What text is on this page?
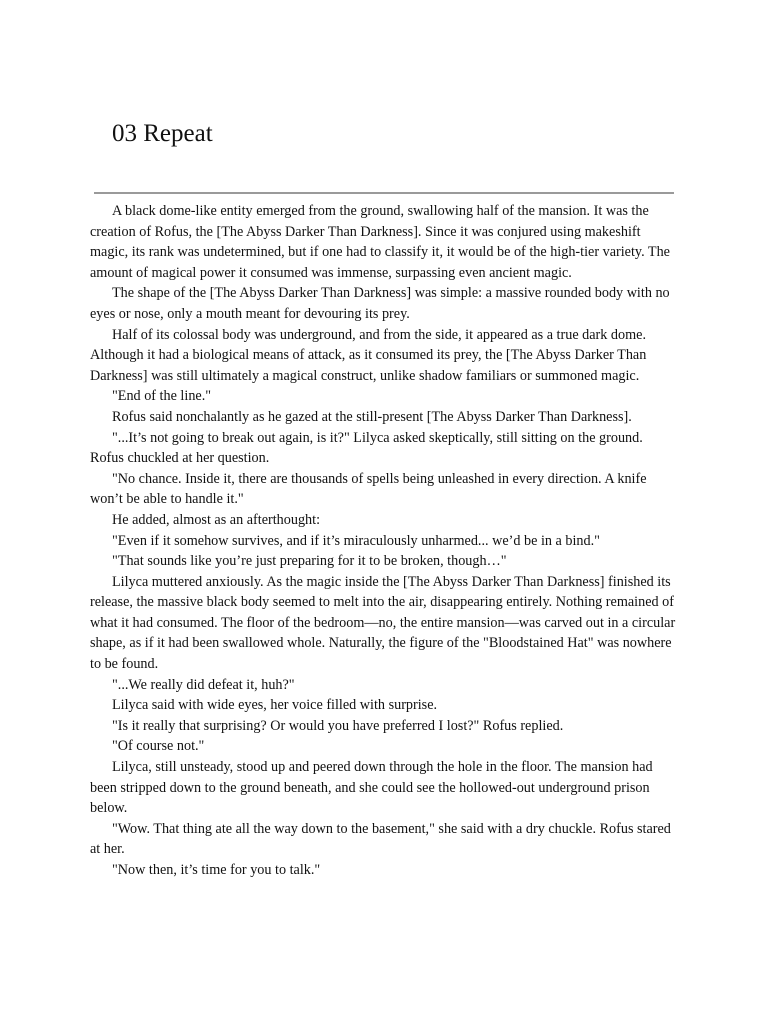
03 Repeat

A black dome-like entity emerged from the ground, swallowing half of the mansion. It was the creation of Rofus, the [The Abyss Darker Than Darkness]. Since it was conjured using makeshift magic, its rank was undetermined, but if one had to classify it, it would be of the high-tier variety. The amount of magical power it consumed was immense, surpassing even ancient magic.

The shape of the [The Abyss Darker Than Darkness] was simple: a massive rounded body with no eyes or nose, only a mouth meant for devouring its prey.

Half of its colossal body was underground, and from the side, it appeared as a true dark dome. Although it had a biological means of attack, as it consumed its prey, the [The Abyss Darker Than Darkness] was still ultimately a magical construct, unlike shadow familiars or summoned magic.

"End of the line."

Rofus said nonchalantly as he gazed at the still-present [The Abyss Darker Than Darkness].

"...It’s not going to break out again, is it?" Lilyca asked skeptically, still sitting on the ground. Rofus chuckled at her question.

"No chance. Inside it, there are thousands of spells being unleashed in every direction. A knife won’t be able to handle it."

He added, almost as an afterthought:

"Even if it somehow survives, and if it’s miraculously unharmed... we’d be in a bind."

"That sounds like you’re just preparing for it to be broken, though…"

Lilyca muttered anxiously. As the magic inside the [The Abyss Darker Than Darkness] finished its release, the massive black body seemed to melt into the air, disappearing entirely. Nothing remained of what it had consumed. The floor of the bedroom—no, the entire mansion—was carved out in a circular shape, as if it had been swallowed whole. Naturally, the figure of the "Bloodstained Hat" was nowhere to be found.

"...We really did defeat it, huh?"

Lilyca said with wide eyes, her voice filled with surprise.

"Is it really that surprising? Or would you have preferred I lost?" Rofus replied.

"Of course not."

Lilyca, still unsteady, stood up and peered down through the hole in the floor. The mansion had been stripped down to the ground beneath, and she could see the hollowed-out underground prison below.

"Wow. That thing ate all the way down to the basement," she said with a dry chuckle. Rofus stared at her.

"Now then, it’s time for you to talk."
